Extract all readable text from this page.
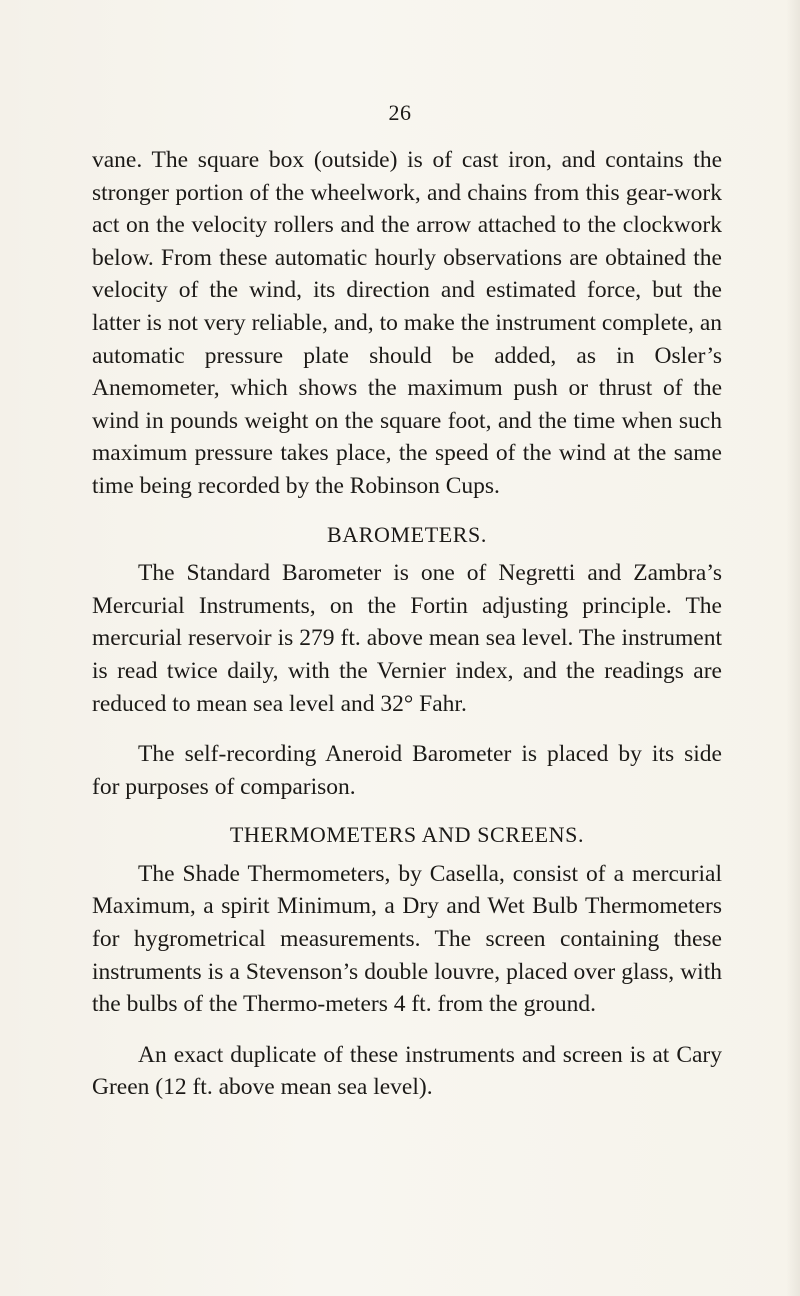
26

vane. The square box (outside) is of cast iron, and contains the stronger portion of the wheelwork, and chains from this gear-work act on the velocity rollers and the arrow attached to the clockwork below. From these automatic hourly observations are obtained the velocity of the wind, its direction and estimated force, but the latter is not very reliable, and, to make the instrument complete, an automatic pressure plate should be added, as in Osler’s Anemometer, which shows the maximum push or thrust of the wind in pounds weight on the square foot, and the time when such maximum pressure takes place, the speed of the wind at the same time being recorded by the Robinson Cups.

BAROMETERS.

The Standard Barometer is one of Negretti and Zambra’s Mercurial Instruments, on the Fortin adjusting principle. The mercurial reservoir is 279 ft. above mean sea level. The instrument is read twice daily, with the Vernier index, and the readings are reduced to mean sea level and 32° Fahr.

The self-recording Aneroid Barometer is placed by its side for purposes of comparison.

THERMOMETERS AND SCREENS.

The Shade Thermometers, by Casella, consist of a mercurial Maximum, a spirit Minimum, a Dry and Wet Bulb Thermometers for hygrometrical measurements. The screen containing these instruments is a Stevenson’s double louvre, placed over glass, with the bulbs of the Thermo-meters 4 ft. from the ground.

An exact duplicate of these instruments and screen is at Cary Green (12 ft. above mean sea level).
